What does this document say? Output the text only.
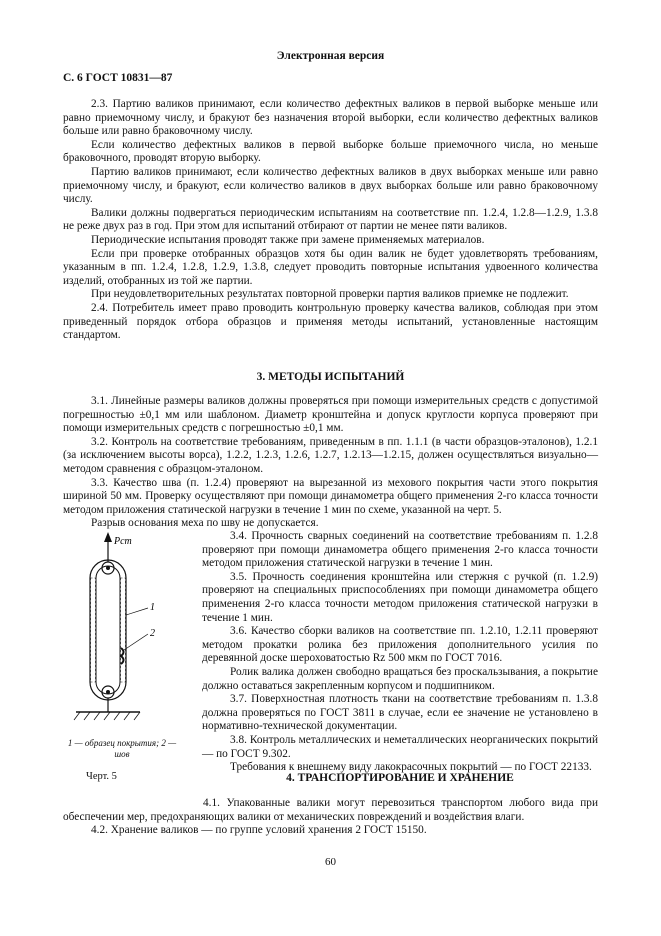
Электронная версия
С. 6 ГОСТ 10831—87

2.3. Партию валиков принимают, если количество дефектных валиков в первой выборке меньше или равно приемочному числу, и бракуют без назначения второй выборки, если количество дефектных валиков больше или равно браковочному числу.

Если количество дефектных валиков в первой выборке больше приемочного числа, но меньше браковочного, проводят вторую выборку.

Партию валиков принимают, если количество дефектных валиков в двух выборках меньше или равно приемочному числу, и бракуют, если количество валиков в двух выборках больше или равно браковочному числу.

Валики должны подвергаться периодическим испытаниям на соответствие пп. 1.2.4, 1.2.8—1.2.9, 1.3.8 не реже двух раз в год. При этом для испытаний отбирают от партии не менее пяти валиков.

Периодические испытания проводят также при замене применяемых материалов.

Если при проверке отобранных образцов хотя бы один валик не будет удовлетворять требованиям, указанным в пп. 1.2.4, 1.2.8, 1.2.9, 1.3.8, следует проводить повторные испытания удвоенного количества изделий, отобранных из той же партии.

При неудовлетворительных результатах повторной проверки партия валиков приемке не подлежит.

2.4. Потребитель имеет право проводить контрольную проверку качества валиков, соблюдая при этом приведенный порядок отбора образцов и применяя методы испытаний, установленные настоящим стандартом.

3. МЕТОДЫ ИСПЫТАНИЙ

3.1. Линейные размеры валиков должны проверяться при помощи измерительных средств с допустимой погрешностью ±0,1 мм или шаблоном. Диаметр кронштейна и допуск круглости корпуса проверяют при помощи измерительных средств с погрешностью ±0,1 мм.

3.2. Контроль на соответствие требованиям, приведенным в пп. 1.1.1 (в части образцов-эталонов), 1.2.1 (за исключением высоты ворса), 1.2.2, 1.2.3, 1.2.6, 1.2.7, 1.2.13—1.2.15, должен осуществляться визуально—методом сравнения с образцом-эталоном.

3.3. Качество шва (п. 1.2.4) проверяют на вырезанной из мехового покрытия части этого покрытия шириной 50 мм. Проверку осуществляют при помощи динамометра общего применения 2-го класса точности методом приложения статической нагрузки в течение 1 мин по схеме, указанной на черт. 5.

Разрыв основания меха по шву не допускается.

Pст
1
2
1 — образец покрытия; 2 — шов
Черт. 5

3.4. Прочность сварных соединений на соответствие требованиям п. 1.2.8 проверяют при помощи динамометра общего применения 2-го класса точности методом приложения статической нагрузки в течение 1 мин.

3.5. Прочность соединения кронштейна или стержня с ручкой (п. 1.2.9) проверяют на специальных приспособлениях при помощи динамометра общего применения 2-го класса точности методом приложения статической нагрузки в течение 1 мин.

3.6. Качество сборки валиков на соответствие пп. 1.2.10, 1.2.11 проверяют методом прокатки ролика без приложения дополнительного усилия по деревянной доске шероховатостью Rz 500 мкм по ГОСТ 7016.

Ролик валика должен свободно вращаться без проскальзывания, а покрытие должно оставаться закрепленным корпусом и подшипником.

3.7. Поверхностная плотность ткани на соответствие требованиям п. 1.3.8 должна проверяться по ГОСТ 3811 в случае, если ее значение не установлено в нормативно-технической документации.

3.8. Контроль металлических и неметаллических неорганических покрытий — по ГОСТ 9.302.

Требования к внешнему виду лакокрасочных покрытий — по ГОСТ 22133.

4. ТРАНСПОРТИРОВАНИЕ И ХРАНЕНИЕ

4.1. Упакованные валики могут перевозиться транспортом любого вида при обеспечении мер, предохраняющих валики от механических повреждений и воздействия влаги.

4.2. Хранение валиков — по группе условий хранения 2 ГОСТ 15150.

60
